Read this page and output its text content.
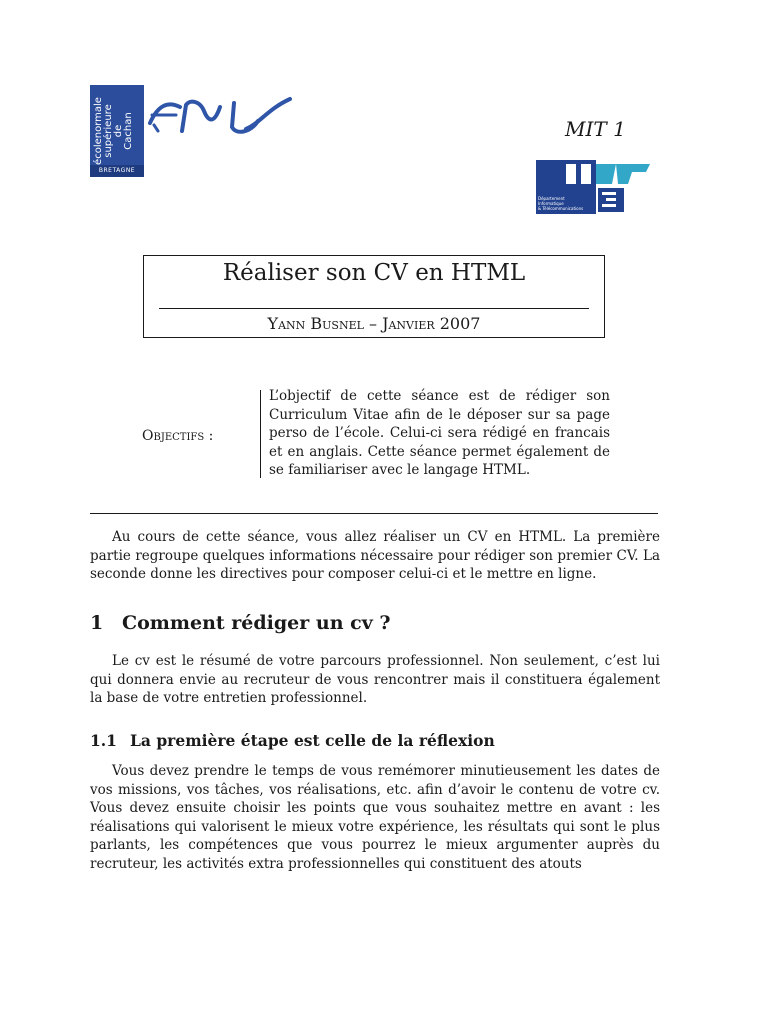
écolenormale
supérieure
de
Cachan
BRETAGNE
MIT 1
Département
Informatique
& Télécommunications
Réaliser son CV en HTML
Yann Busnel – Janvier 2007
Objectifs :
L’objectif de cette séance est de rédiger son Curriculum Vitae afin de le déposer sur sa page perso de l’école. Celui-ci sera rédigé en francais et en anglais. Cette séance permet également de se familiariser avec le langage HTML.
Au cours de cette séance, vous allez réaliser un CV en HTML. La première partie regroupe quelques informations nécessaire pour rédiger son premier CV. La seconde donne les directives pour composer celui-ci et le mettre en ligne.
1 Comment rédiger un cv ?
Le cv est le résumé de votre parcours professionnel. Non seulement, c’est lui qui donnera envie au recruteur de vous rencontrer mais il constituera également la base de votre entretien professionnel.
1.1 La première étape est celle de la réflexion
Vous devez prendre le temps de vous remémorer minutieusement les dates de vos missions, vos tâches, vos réalisations, etc. afin d’avoir le contenu de votre cv. Vous devez ensuite choisir les points que vous souhaitez mettre en avant : les réalisations qui valorisent le mieux votre expérience, les résultats qui sont le plus parlants, les compétences que vous pourrez le mieux argumenter auprès du recruteur, les activités extra professionnelles qui constituent des atouts
